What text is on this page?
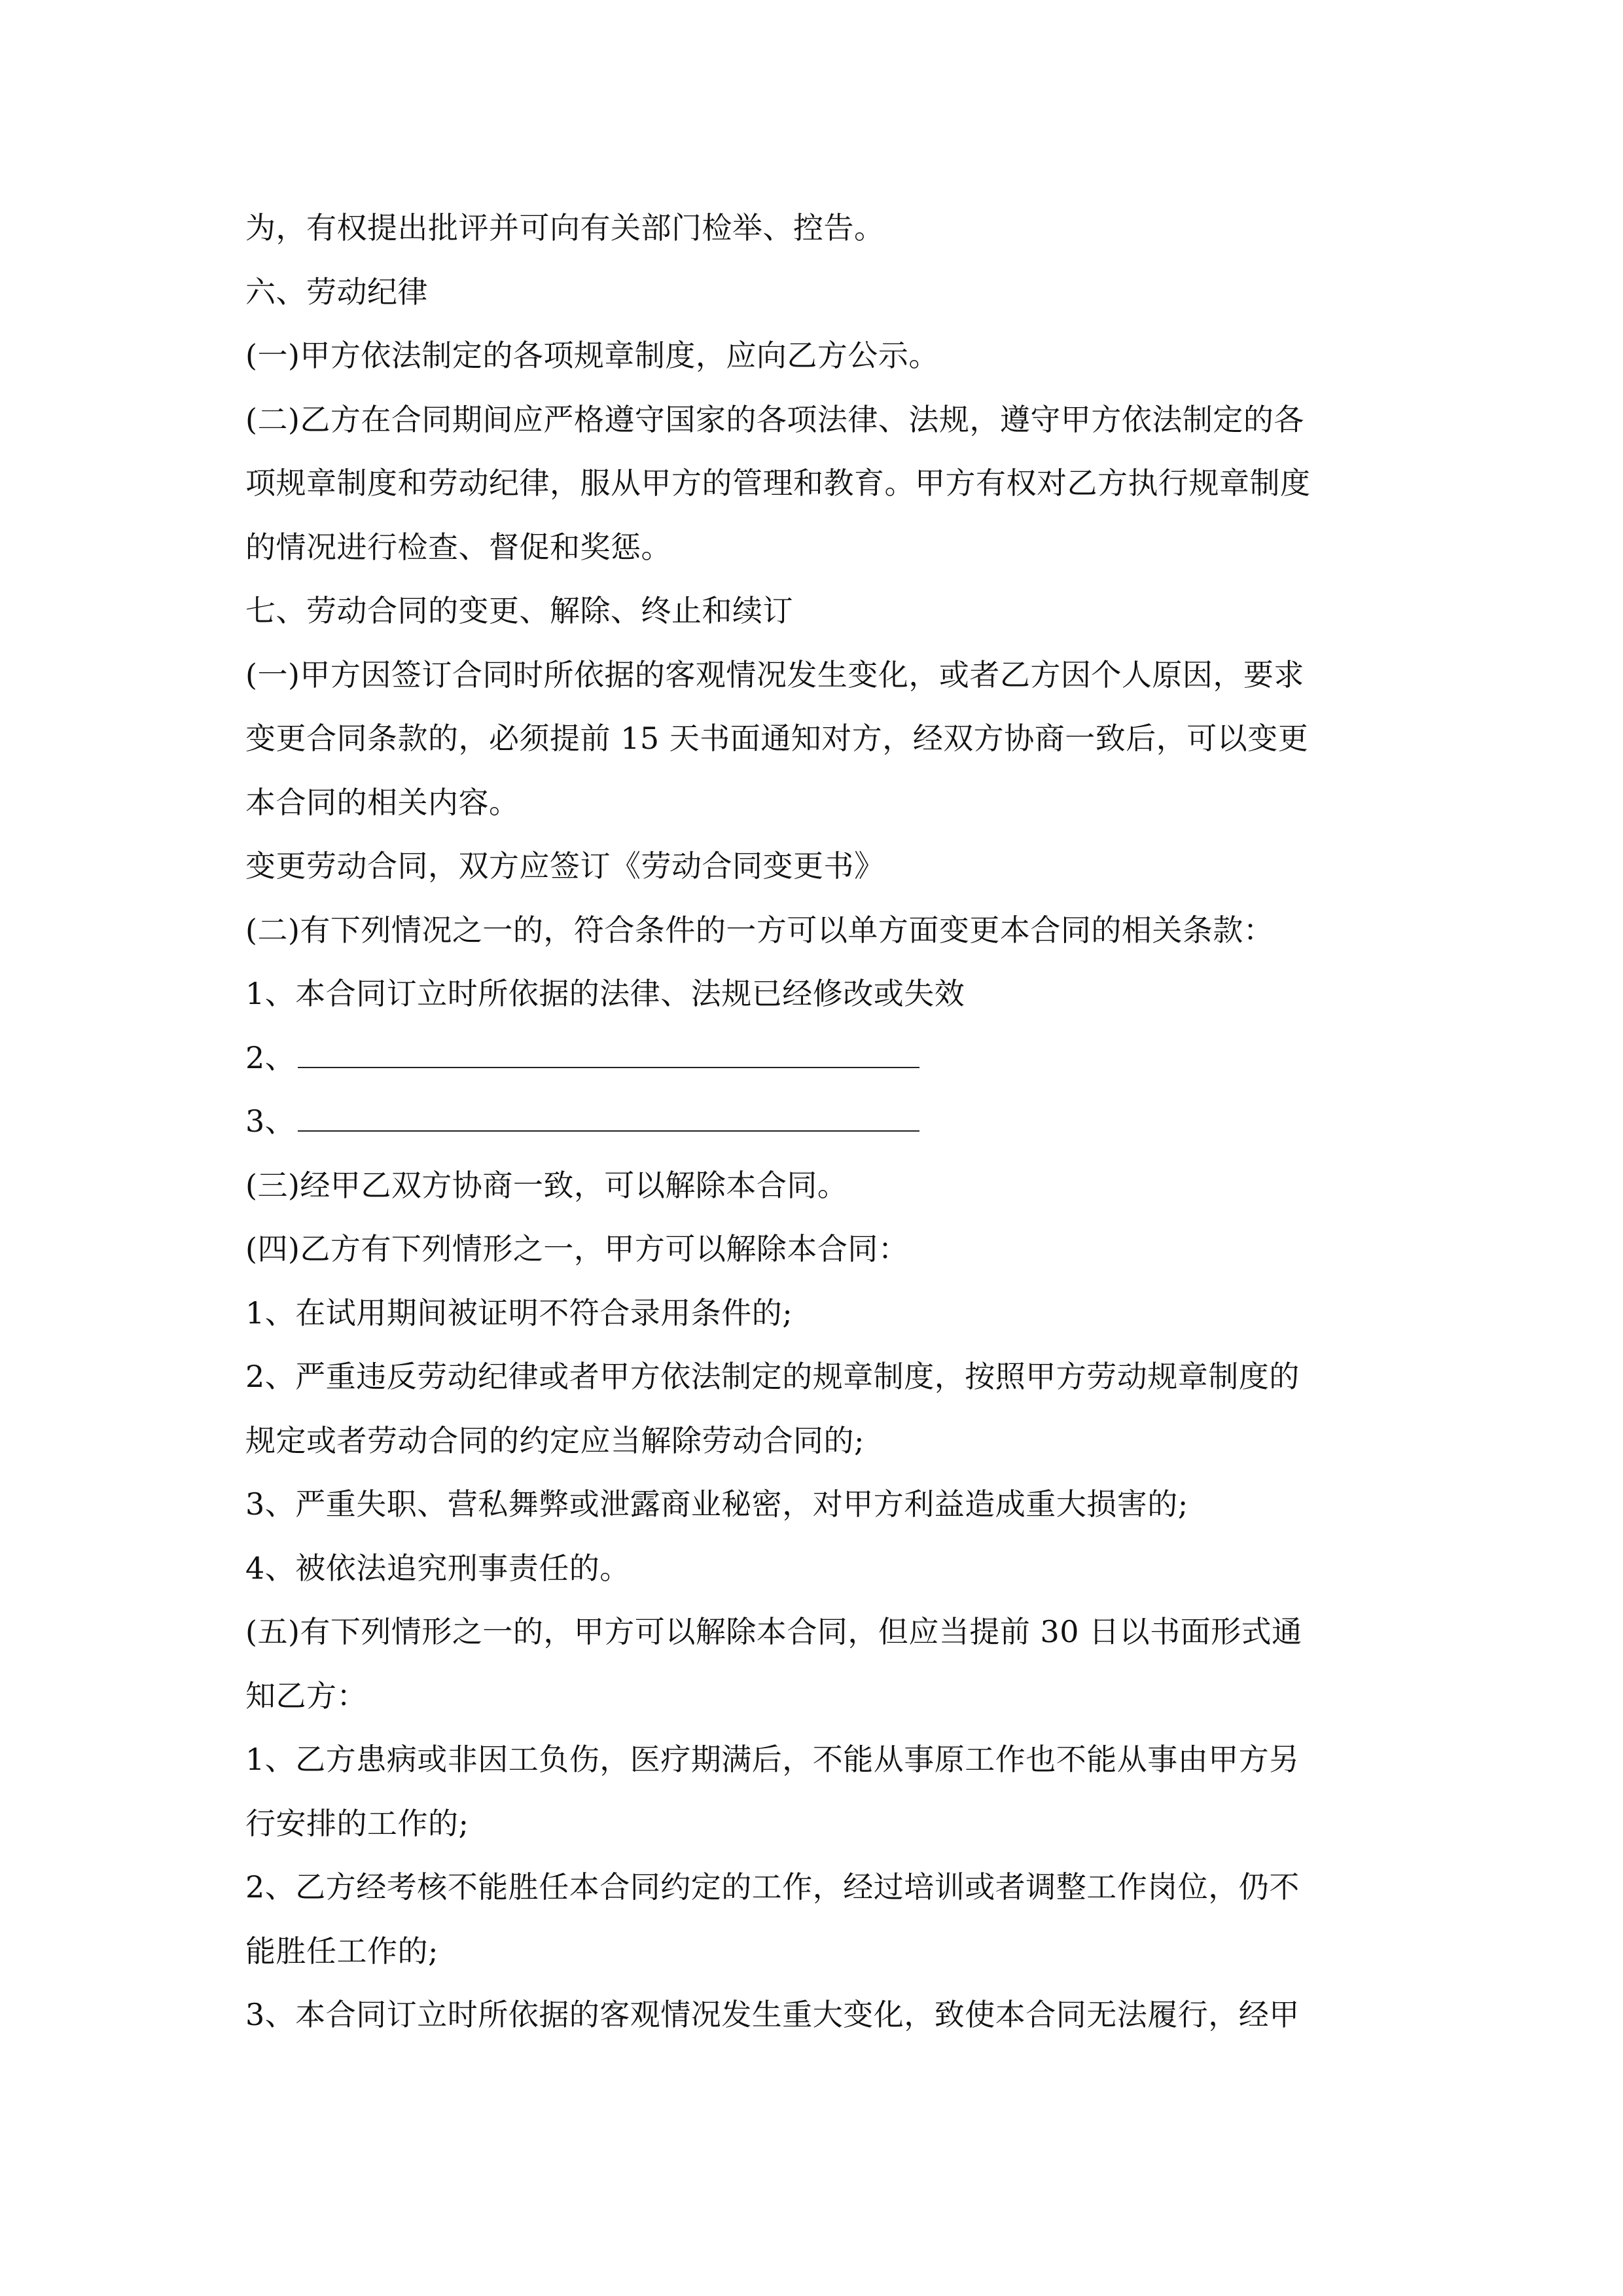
为，有权提出批评并可向有关部门检举、控告。
六、劳动纪律
(一)甲方依法制定的各项规章制度，应向乙方公示。
(二)乙方在合同期间应严格遵守国家的各项法律、法规，遵守甲方依法制定的各
项规章制度和劳动纪律，服从甲方的管理和教育。甲方有权对乙方执行规章制度
的情况进行检查、督促和奖惩。
七、劳动合同的变更、解除、终止和续订
(一)甲方因签订合同时所依据的客观情况发生变化，或者乙方因个人原因，要求
变更合同条款的，必须提前 15 天书面通知对方，经双方协商一致后，可以变更
本合同的相关内容。
变更劳动合同，双方应签订《劳动合同变更书》
(二)有下列情况之一的，符合条件的一方可以单方面变更本合同的相关条款：
1、本合同订立时所依据的法律、法规已经修改或失效
2、
3、
(三)经甲乙双方协商一致，可以解除本合同。
(四)乙方有下列情形之一，甲方可以解除本合同：
1、在试用期间被证明不符合录用条件的;
2、严重违反劳动纪律或者甲方依法制定的规章制度，按照甲方劳动规章制度的
规定或者劳动合同的约定应当解除劳动合同的;
3、严重失职、营私舞弊或泄露商业秘密，对甲方利益造成重大损害的;
4、被依法追究刑事责任的。
(五)有下列情形之一的，甲方可以解除本合同，但应当提前 30 日以书面形式通
知乙方：
1、乙方患病或非因工负伤，医疗期满后，不能从事原工作也不能从事由甲方另
行安排的工作的;
2、乙方经考核不能胜任本合同约定的工作，经过培训或者调整工作岗位，仍不
能胜任工作的;
3、本合同订立时所依据的客观情况发生重大变化，致使本合同无法履行，经甲
